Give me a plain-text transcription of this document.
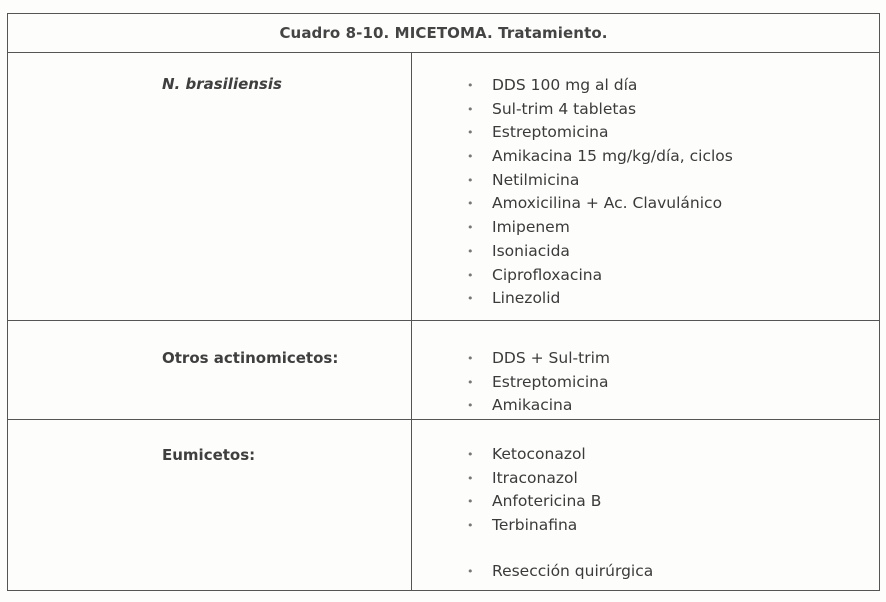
Cuadro 8-10. MICETOMA. Tratamiento.
N. brasiliensis	• DDS 100 mg al día
• Sul-trim 4 tabletas
• Estreptomicina
• Amikacina 15 mg/kg/día, ciclos
• Netilmicina
• Amoxicilina + Ac. Clavulánico
• Imipenem
• Isoniacida
• Ciprofloxacina
• Linezolid
Otros actinomicetos:	• DDS + Sul-trim
• Estreptomicina
• Amikacina
Eumicetos:	• Ketoconazol
• Itraconazol
• Anfotericina B
• Terbinafina
• Resección quirúrgica
